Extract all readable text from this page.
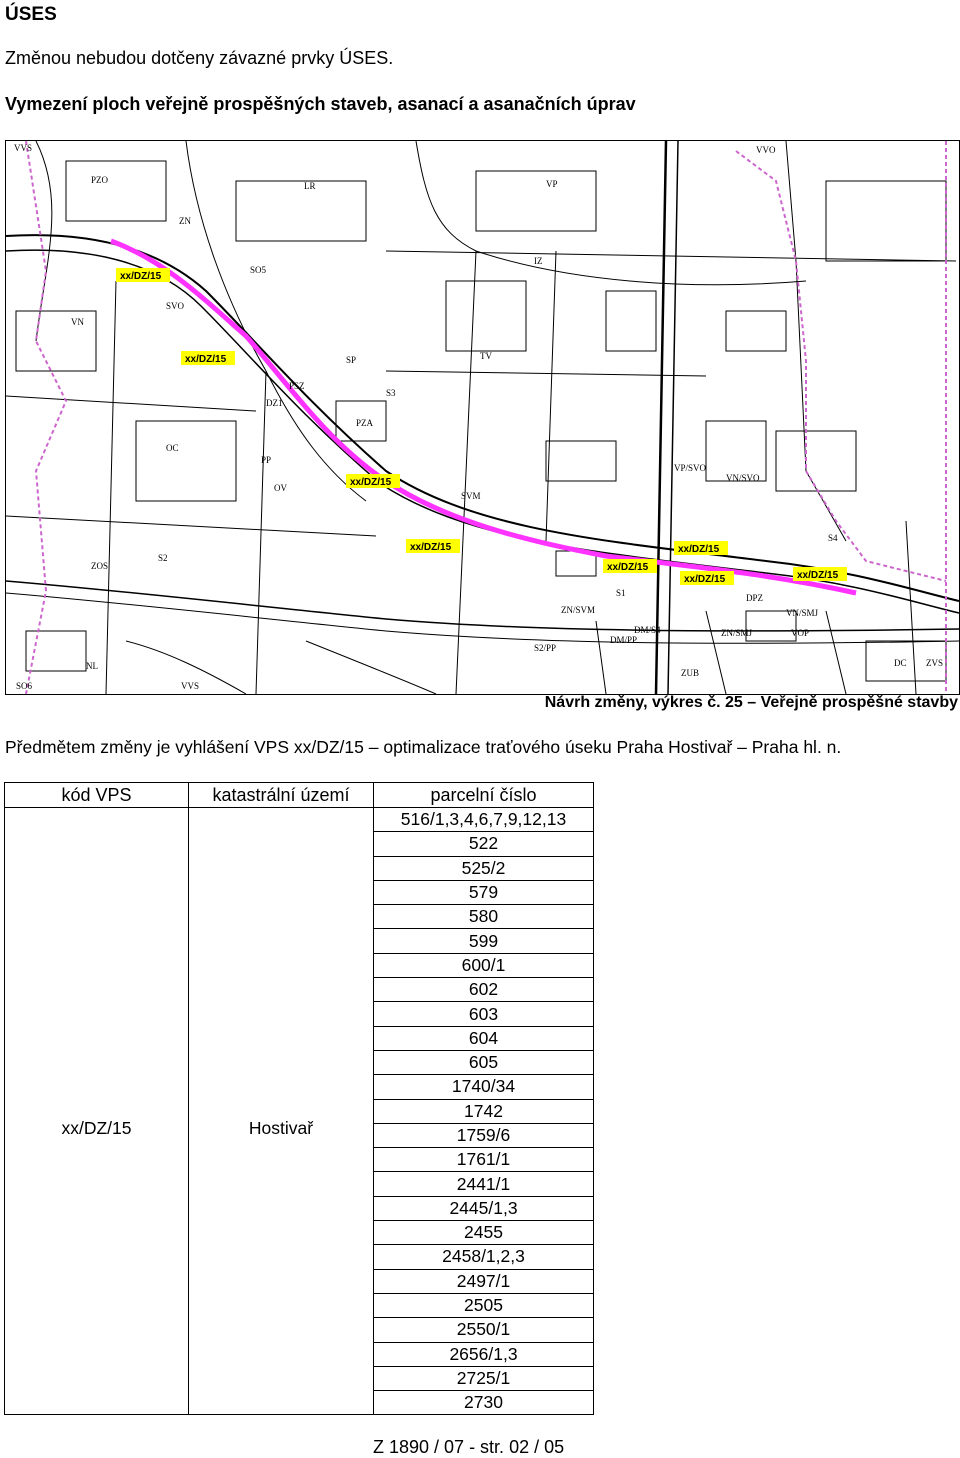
ÚSES
Změnou nebudou dotčeny závazné prvky ÚSES.
Vymezení ploch veřejně prospěšných staveb, asanací a asanačních úprav
VVS
PZO
LR
ZN
SO5
IZ
SVO
VN
SP	TV
PSZ
PZA
OC
PP
OV
SVM
DZ1
VP
VVO
ZOS
S2
S3
S4
NL
SO6	VVS
ZUB
DM/S4
ZN/SVM
VN/SVO
VP/SVO
DPZ
VOP
DC ZVS
S1
ZN/SMJ
VN/SMJ
S2/PP
DM/PP
xx/DZ/15
xx/DZ/15
xx/DZ/15
xx/DZ/15	xx/DZ/15
xx/DZ/15
xx/DZ/15	xx/DZ/15
Návrh změny, výkres č. 25 – Veřejně prospěšné stavby
Předmětem změny je vyhlášení VPS xx/DZ/15 – optimalizace traťového úseku Praha Hostivař – Praha hl. n.
kód VPS	katastrální území	parcelní číslo
xx/DZ/15	Hostivař	516/1,3,4,6,7,9,12,13
		522
		525/2
		579
		580
		599
		600/1
		602
		603
		604
		605
		1740/34
		1742
		1759/6
		1761/1
		2441/1
		2445/1,3
		2455
		2458/1,2,3
		2497/1
		2505
		2550/1
		2656/1,3
		2725/1
		2730
Z 1890 / 07 - str. 02 / 05
